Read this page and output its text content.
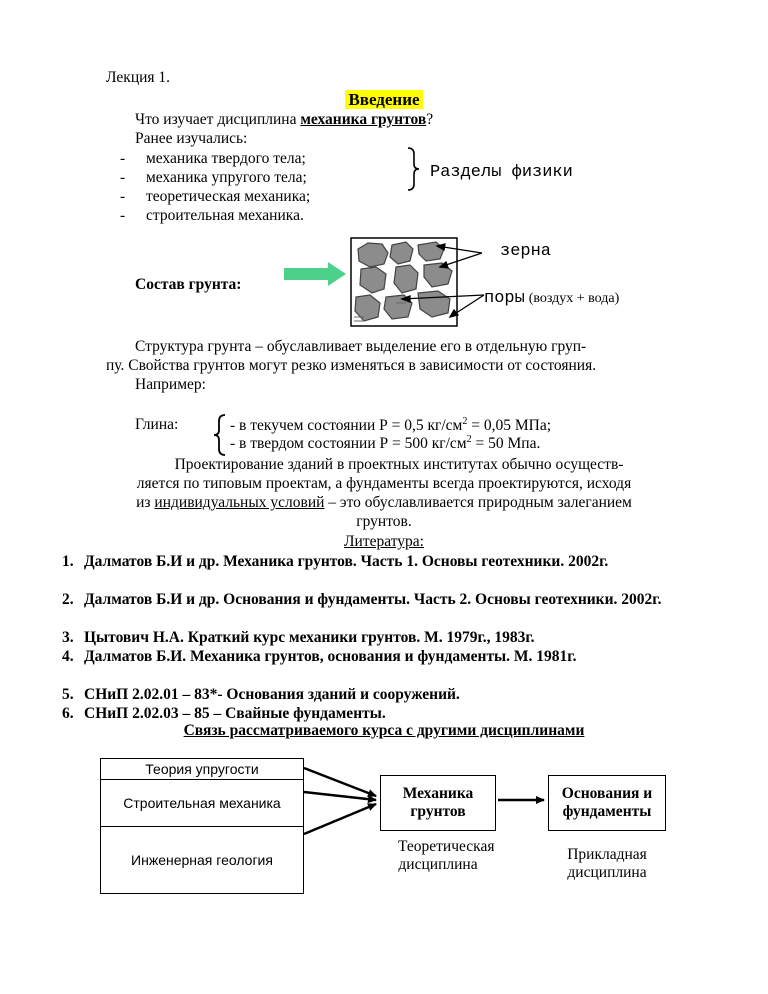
Лекция 1.
Введение
Что изучает дисциплина механика грунтов?
Ранее изучались:
- механика твердого тела;
- механика упругого тела;
- теоретическая механика;
- строительная механика.
Разделы физики
Состав грунта:
зерна
поры (воздух + вода)
Структура грунта – обуславливает выделение его в отдельную груп-
пу. Свойства грунтов могут резко изменяться в зависимости от состояния.
Например:
Глина:	- в текучем состоянии Р = 0,5 $кг/см^2 = 0,05$ МПа;
- в твердом состоянии Р = 500 $кг/см^2 = 50$ Мпа.
Проектирование зданий в проектных институтах обычно осуществ-
ляется по типовым проектам, а фундаменты всегда проектируются, исходя
из индивидуальных условий – это обуславливается природным залеганием
грунтов.
Литература:
1. Далматов Б.И и др. Механика грунтов. Часть 1. Основы геотехники. 2002г.
2. Далматов Б.И и др. Основания и фундаменты. Часть 2. Основы геотехники. 2002г.
3. Цытович Н.А. Краткий курс механики грунтов. М. 1979г., 1983г.
4. Далматов Б.И. Механика грунтов, основания и фундаменты. М. 1981г.
5. СНиП 2.02.01 – 83*- Основания зданий и сооружений.
6. СНиП 2.02.03 – 85 – Свайные фундаменты.
Связь рассматриваемого курса с другими дисциплинами
Теория упругости
Строительная механика
Инженерная геология
Механика грунтов
Теоретическая дисциплина
Основания и фундаменты
Прикладная дисциплина
